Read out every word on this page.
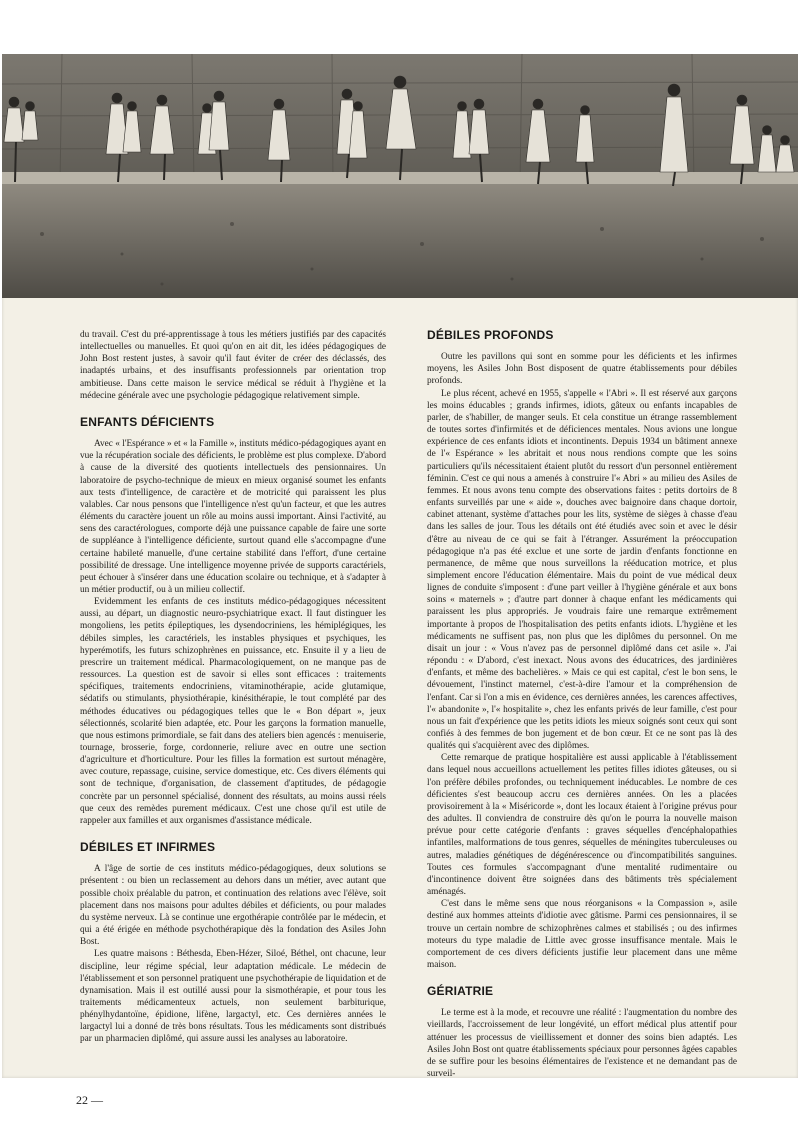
du travail. C'est du pré-apprentissage à tous les métiers justifiés par des capacités intellectuelles ou manuelles. Et quoi qu'on en ait dit, les idées pédagogiques de John Bost restent justes, à savoir qu'il faut éviter de créer des déclassés, des inadaptés urbains, et des insuffisants professionnels par orientation trop ambitieuse. Dans cette maison le service médical se réduit à l'hygiène et la médecine générale avec une psychologie pédagogique relativement simple.

ENFANTS DÉFICIENTS

Avec « l'Espérance » et « la Famille », instituts médico-pédagogiques ayant en vue la récupération sociale des déficients, le problème est plus complexe. D'abord à cause de la diversité des quotients intellectuels des pensionnaires. Un laboratoire de psycho-technique de mieux en mieux organisé soumet les enfants aux tests d'intelligence, de caractère et de motricité qui paraissent les plus valables. Car nous pensons que l'intelligence n'est qu'un facteur, et que les autres éléments du caractère jouent un rôle au moins aussi important. Ainsi l'activité, au sens des caractérologues, comporte déjà une puissance capable de faire une sorte de suppléance à l'intelligence déficiente, surtout quand elle s'accompagne d'une certaine habileté manuelle, d'une certaine stabilité dans l'effort, d'une certaine possibilité de dressage. Une intelligence moyenne privée de supports caractériels, peut échouer à s'insérer dans une éducation scolaire ou technique, et à s'adapter à un métier productif, ou à un milieu collectif.

Evidemment les enfants de ces instituts médico-pédagogiques nécessitent aussi, au départ, un diagnostic neuro-psychiatrique exact. Il faut distinguer les mongoliens, les petits épileptiques, les dysendocriniens, les hémiplégiques, les débiles simples, les caractériels, les instables physiques et psychiques, les hyperémotifs, les futurs schizophrènes en puissance, etc. Ensuite il y a lieu de prescrire un traitement médical. Pharmacologiquement, on ne manque pas de ressources. La question est de savoir si elles sont efficaces : traitements spécifiques, traitements endocriniens, vitaminothérapie, acide glutamique, sédatifs ou stimulants, physiothérapie, kinésithérapie, le tout complété par des méthodes éducatives ou pédagogiques telles que le « Bon départ », jeux sélectionnés, scolarité bien adaptée, etc. Pour les garçons la formation manuelle, que nous estimons primordiale, se fait dans des ateliers bien agencés : menuiserie, tournage, brosserie, forge, cordonnerie, reliure avec en outre une section d'agriculture et d'horticulture. Pour les filles la formation est surtout ménagère, avec couture, repassage, cuisine, service domestique, etc. Ces divers éléments qui sont de technique, d'organisation, de classement d'aptitudes, de pédagogie concrète par un personnel spécialisé, donnent des résultats, au moins aussi réels que ceux des remèdes purement médicaux. C'est une chose qu'il est utile de rappeler aux familles et aux organismes d'assistance médicale.

DÉBILES ET INFIRMES

A l'âge de sortie de ces instituts médico-pédagogiques, deux solutions se présentent : ou bien un reclassement au dehors dans un métier, avec autant que possible choix préalable du patron, et continuation des relations avec l'élève, soit placement dans nos maisons pour adultes débiles et déficients, ou pour malades du système nerveux. Là se continue une ergothérapie contrôlée par le médecin, et qui a été érigée en méthode psychothérapique dès la fondation des Asiles John Bost.

Les quatre maisons : Béthesda, Eben-Hézer, Siloé, Béthel, ont chacune, leur discipline, leur régime spécial, leur adaptation médicale. Le médecin de l'établissement et son personnel pratiquent une psychothérapie de liquidation et de dynamisation. Mais il est outillé aussi pour la sismothérapie, et pour tous les traitements médicamenteux actuels, non seulement barbiturique, phénylhydantoïne, épidione, lifène, largactyl, etc. Ces dernières années le largactyl lui a donné de très bons résultats. Tous les médicaments sont distribués par un pharmacien diplômé, qui assure aussi les analyses au laboratoire.

DÉBILES PROFONDS

Outre les pavillons qui sont en somme pour les déficients et les infirmes moyens, les Asiles John Bost disposent de quatre établissements pour débiles profonds.

Le plus récent, achevé en 1955, s'appelle « l'Abri ». Il est réservé aux garçons les moins éducables ; grands infirmes, idiots, gâteux ou enfants incapables de parler, de s'habiller, de manger seuls. Et cela constitue un étrange rassemblement de toutes sortes d'infirmités et de déficiences mentales. Nous avions une longue expérience de ces enfants idiots et incontinents. Depuis 1934 un bâtiment annexe de l'« Espérance » les abritait et nous nous rendions compte que les soins particuliers qu'ils nécessitaient étaient plutôt du ressort d'un personnel entièrement féminin. C'est ce qui nous a amenés à construire l'« Abri » au milieu des Asiles de femmes. Et nous avons tenu compte des observations faites : petits dortoirs de 8 enfants surveillés par une « aide », douches avec baignoire dans chaque dortoir, cabinet attenant, système d'attaches pour les lits, système de sièges à chasse d'eau dans les salles de jour. Tous les détails ont été étudiés avec soin et avec le désir d'être au niveau de ce qui se fait à l'étranger. Assurément la préoccupation pédagogique n'a pas été exclue et une sorte de jardin d'enfants fonctionne en permanence, de même que nous surveillons la rééducation motrice, et plus simplement encore l'éducation élémentaire. Mais du point de vue médical deux lignes de conduite s'imposent : d'une part veiller à l'hygiène générale et aux bons soins « maternels » ; d'autre part donner à chaque enfant les médicaments qui paraissent les plus appropriés. Je voudrais faire une remarque extrêmement importante à propos de l'hospitalisation des petits enfants idiots. L'hygiène et les médicaments ne suffisent pas, non plus que les diplômes du personnel. On me disait un jour : « Vous n'avez pas de personnel diplômé dans cet asile ». J'ai répondu : « D'abord, c'est inexact. Nous avons des éducatrices, des jardinières d'enfants, et même des bachelières. » Mais ce qui est capital, c'est le bon sens, le dévouement, l'instinct maternel, c'est-à-dire l'amour et la compréhension de l'enfant. Car si l'on a mis en évidence, ces dernières années, les carences affectives, l'« abandonite », l'« hospitalite », chez les enfants privés de leur famille, c'est pour nous un fait d'expérience que les petits idiots les mieux soignés sont ceux qui sont confiés à des femmes de bon jugement et de bon cœur. Et ce ne sont pas là des qualités qui s'acquièrent avec des diplômes.

Cette remarque de pratique hospitalière est aussi applicable à l'établissement dans lequel nous accueillons actuellement les petites filles idiotes gâteuses, ou si l'on préfère débiles profondes, ou techniquement inéducables. Le nombre de ces déficientes s'est beaucoup accru ces dernières années. On les a placées provisoirement à la « Miséricorde », dont les locaux étaient à l'origine prévus pour des adultes. Il conviendra de construire dès qu'on le pourra la nouvelle maison prévue pour cette catégorie d'enfants : graves séquelles d'encéphalopathies infantiles, malformations de tous genres, séquelles de méningites tuberculeuses ou autres, maladies génétiques de dégénérescence ou d'incompatibilités sanguines. Toutes ces formules s'accompagnant d'une mentalité rudimentaire ou d'incontinence doivent être soignées dans des bâtiments très spécialement aménagés.

C'est dans le même sens que nous réorganisons « la Compassion », asile destiné aux hommes atteints d'idiotie avec gâtisme. Parmi ces pensionnaires, il se trouve un certain nombre de schizophrènes calmes et stabilisés ; ou des infirmes moteurs du type maladie de Little avec grosse insuffisance mentale. Mais le comportement de ces divers déficients justifie leur placement dans une même maison.

GÉRIATRIE

Le terme est à la mode, et recouvre une réalité : l'augmentation du nombre des vieillards, l'accroissement de leur longévité, un effort médical plus attentif pour atténuer les processus de vieillissement et donner des soins bien adaptés. Les Asiles John Bost ont quatre établissements spéciaux pour personnes âgées capables de se suffire pour les besoins élémentaires de l'existence et ne demandant pas de surveil-

22 —
